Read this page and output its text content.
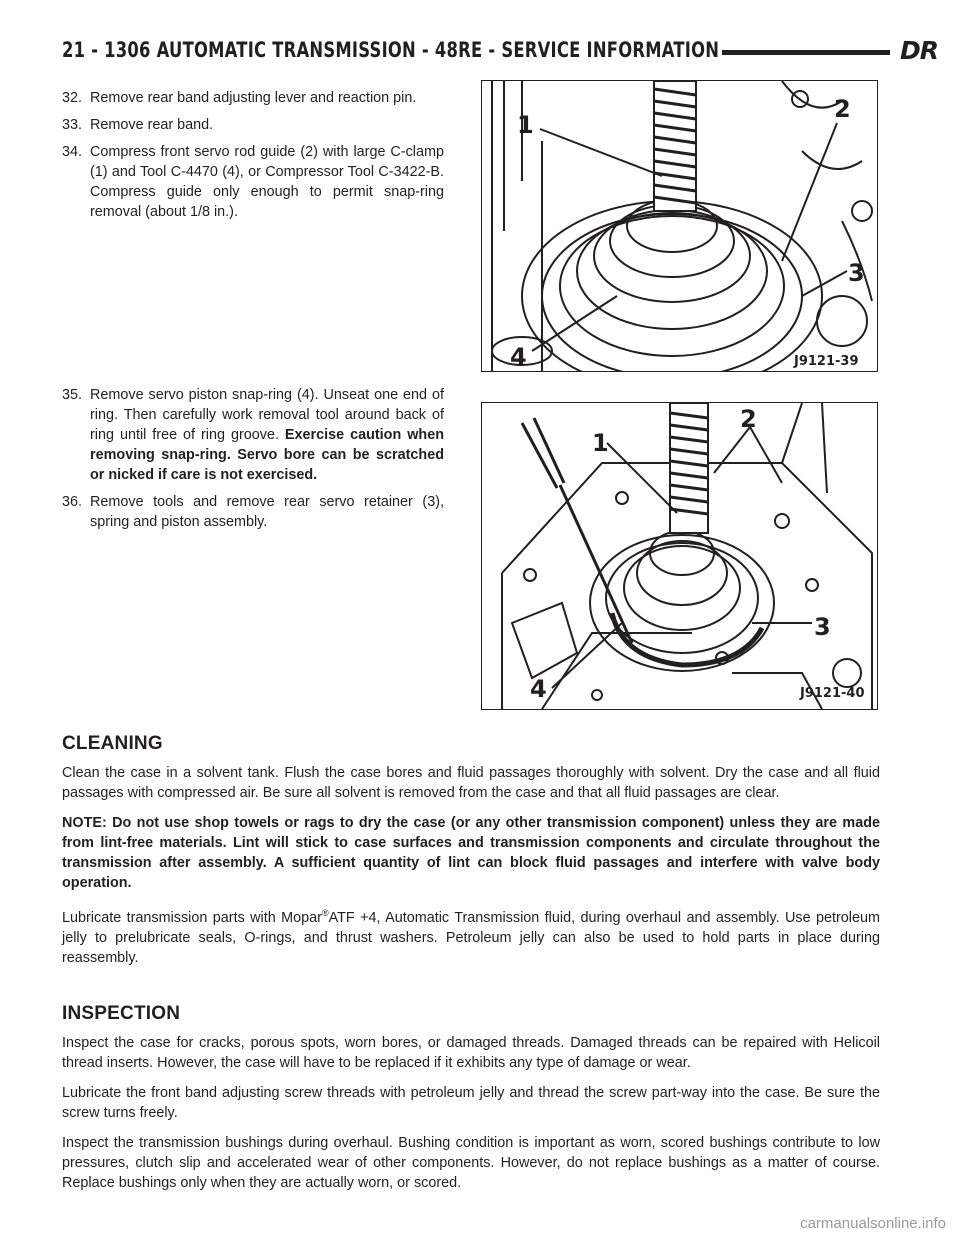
21 - 1306 AUTOMATIC TRANSMISSION - 48RE - SERVICE INFORMATION	DR
32. Remove rear band adjusting lever and reaction pin.
33. Remove rear band.
34. Compress front servo rod guide (2) with large C-clamp (1) and Tool C-4470 (4), or Compressor Tool C-3422-B. Compress guide only enough to permit snap-ring removal (about 1/8 in.).
1
2
3
4	J9121-39
35. Remove servo piston snap-ring (4). Unseat one end of ring. Then carefully work removal tool around back of ring until free of ring groove. Exercise caution when removing snap-ring. Servo bore can be scratched or nicked if care is not exercised.
36. Remove tools and remove rear servo retainer (3), spring and piston assembly.
1
2
3
4	J9121-40
CLEANING

Clean the case in a solvent tank. Flush the case bores and fluid passages thoroughly with solvent. Dry the case and all fluid passages with compressed air. Be sure all solvent is removed from the case and that all fluid passages are clear.

NOTE: Do not use shop towels or rags to dry the case (or any other transmission component) unless they are made from lint-free materials. Lint will stick to case surfaces and transmission components and circulate throughout the transmission after assembly. A sufficient quantity of lint can block fluid passages and interfere with valve body operation.

Lubricate transmission parts with Mopar®ATF +4, Automatic Transmission fluid, during overhaul and assembly. Use petroleum jelly to prelubricate seals, O-rings, and thrust washers. Petroleum jelly can also be used to hold parts in place during reassembly.

INSPECTION

Inspect the case for cracks, porous spots, worn bores, or damaged threads. Damaged threads can be repaired with Helicoil thread inserts. However, the case will have to be replaced if it exhibits any type of damage or wear.

Lubricate the front band adjusting screw threads with petroleum jelly and thread the screw part-way into the case. Be sure the screw turns freely.

Inspect the transmission bushings during overhaul. Bushing condition is important as worn, scored bushings contribute to low pressures, clutch slip and accelerated wear of other components. However, do not replace bushings as a matter of course. Replace bushings only when they are actually worn, or scored.

carmanualsonline.info
